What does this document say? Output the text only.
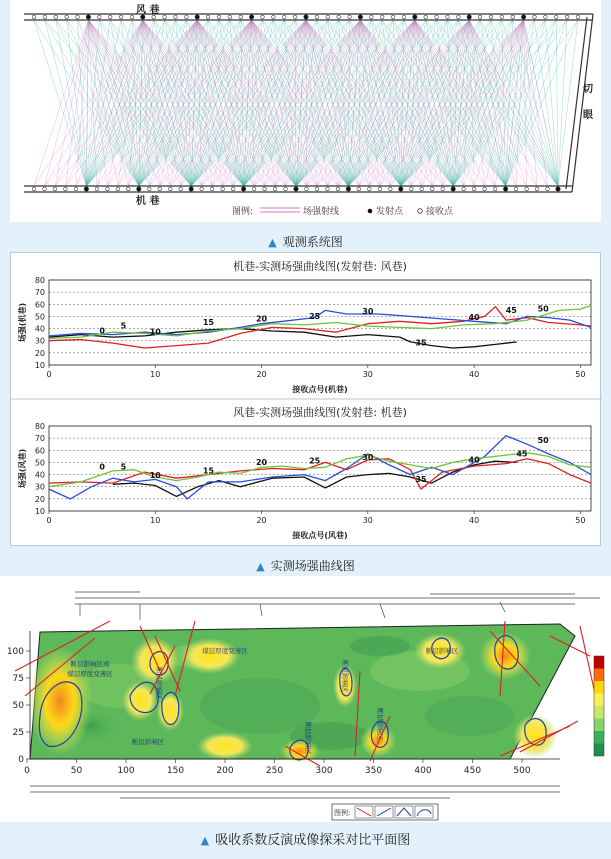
风 巷
机 巷
切
眼
图例:	场强射线	发射点	接收点
▲ 观测系统图
机巷-实测场强曲线图(发射巷: 风巷)
10
20
30
40
50
60
70
80
0	10	20	30	40	50
0
5
10
15	20	25
30
35
40
45	50
接收点号(机巷)
场强(机巷)
风巷-实测场强曲线图(发射巷: 机巷)
10
20
30
40
50
60
70
80
0	10	20	30	40	50
0 5
10
15
20	25	30
35
40
45
50
接收点号(风巷)
场强(风巷)
▲ 实测场强曲线图
断层影响区或
煤层厚度变薄区
煤层厚度变薄区
断层影响区	断层影响区
断层影响区	断层影响区	断层影响区
断层影响区
0	50	100	150	200	250	300	350	400	450	500
0
25
50
75
100
图例:
▲ 吸收系数反演成像探采对比平面图
